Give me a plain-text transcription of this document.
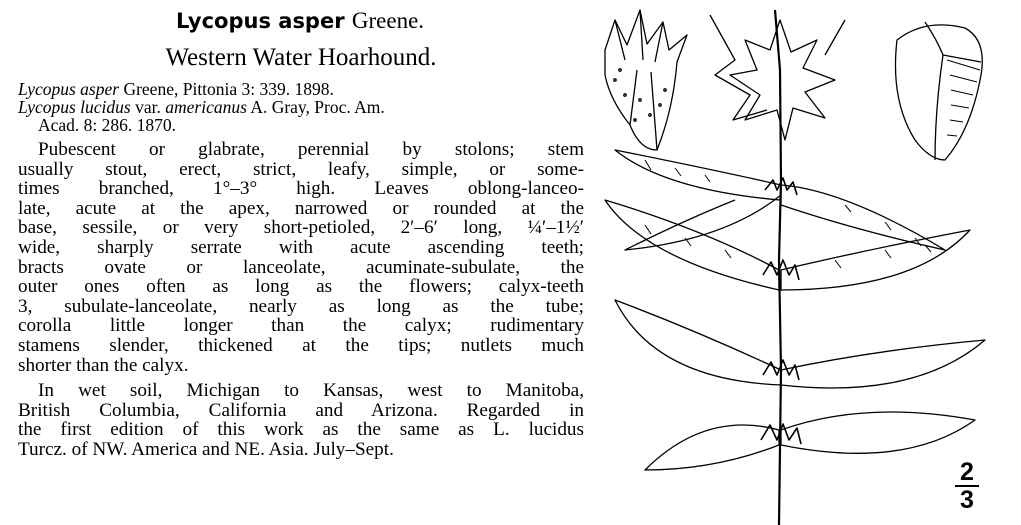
Lycopus asper Greene.
Western Water Hoarhound.
Lycopus asper Greene, Pittonia 3: 339. 1898.
Lycopus lucidus var. americanus A. Gray, Proc. Am.
Acad. 8: 286. 1870.
Pubescent or glabrate, perennial by stolons; stem
usually stout, erect, strict, leafy, simple, or some-
times branched, 1°–3° high. Leaves oblong-lanceo-
late, acute at the apex, narrowed or rounded at the
base, sessile, or very short-petioled, 2′–6′ long, ¼′–1½′
wide, sharply serrate with acute ascending teeth;
bracts ovate or lanceolate, acuminate-subulate, the
outer ones often as long as the flowers; calyx-teeth
3, subulate-lanceolate, nearly as long as the tube;
corolla little longer than the calyx; rudimentary
stamens slender, thickened at the tips; nutlets much
shorter than the calyx.
In wet soil, Michigan to Kansas, west to Manitoba,
British Columbia, California and Arizona. Regarded in
the first edition of this work as the same as L. lucidus
Turcz. of NW. America and NE. Asia. July–Sept.
2
3
